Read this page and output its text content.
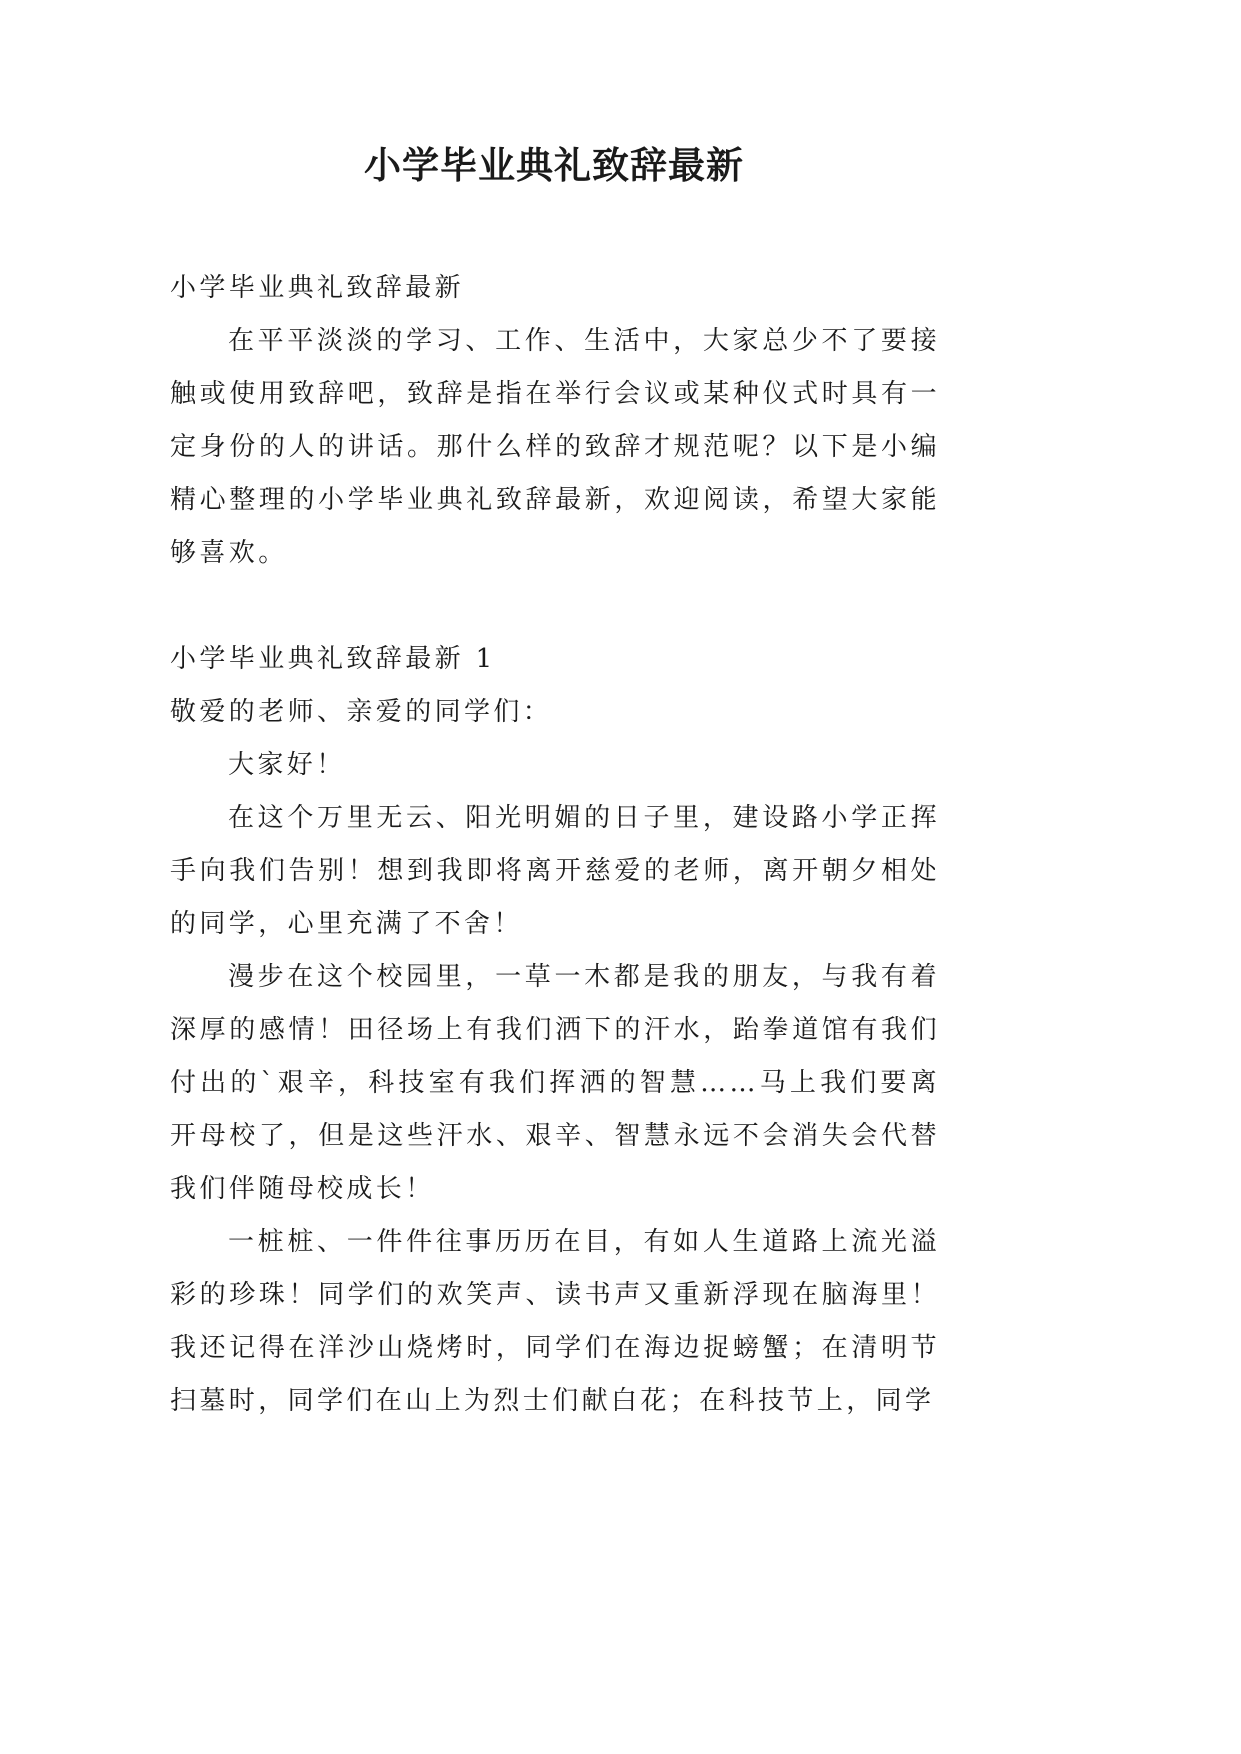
小学毕业典礼致辞最新

小学毕业典礼致辞最新

在平平淡淡的学习、工作、生活中，大家总少不了要接触或使用致辞吧，致辞是指在举行会议或某种仪式时具有一定身份的人的讲话。那什么样的致辞才规范呢？以下是小编精心整理的小学毕业典礼致辞最新，欢迎阅读，希望大家能够喜欢。

小学毕业典礼致辞最新 1

敬爱的老师、亲爱的同学们：

大家好！

在这个万里无云、阳光明媚的日子里，建设路小学正挥手向我们告别！想到我即将离开慈爱的老师，离开朝夕相处的同学，心里充满了不舍！

漫步在这个校园里，一草一木都是我的朋友，与我有着深厚的感情！田径场上有我们洒下的汗水，跆拳道馆有我们付出的`艰辛，科技室有我们挥洒的智慧……马上我们要离开母校了，但是这些汗水、艰辛、智慧永远不会消失会代替我们伴随母校成长！

一桩桩、一件件往事历历在目，有如人生道路上流光溢彩的珍珠！同学们的欢笑声、读书声又重新浮现在脑海里！我还记得在洋沙山烧烤时，同学们在海边捉螃蟹；在清明节扫墓时，同学们在山上为烈士们献白花；在科技节上，同学
